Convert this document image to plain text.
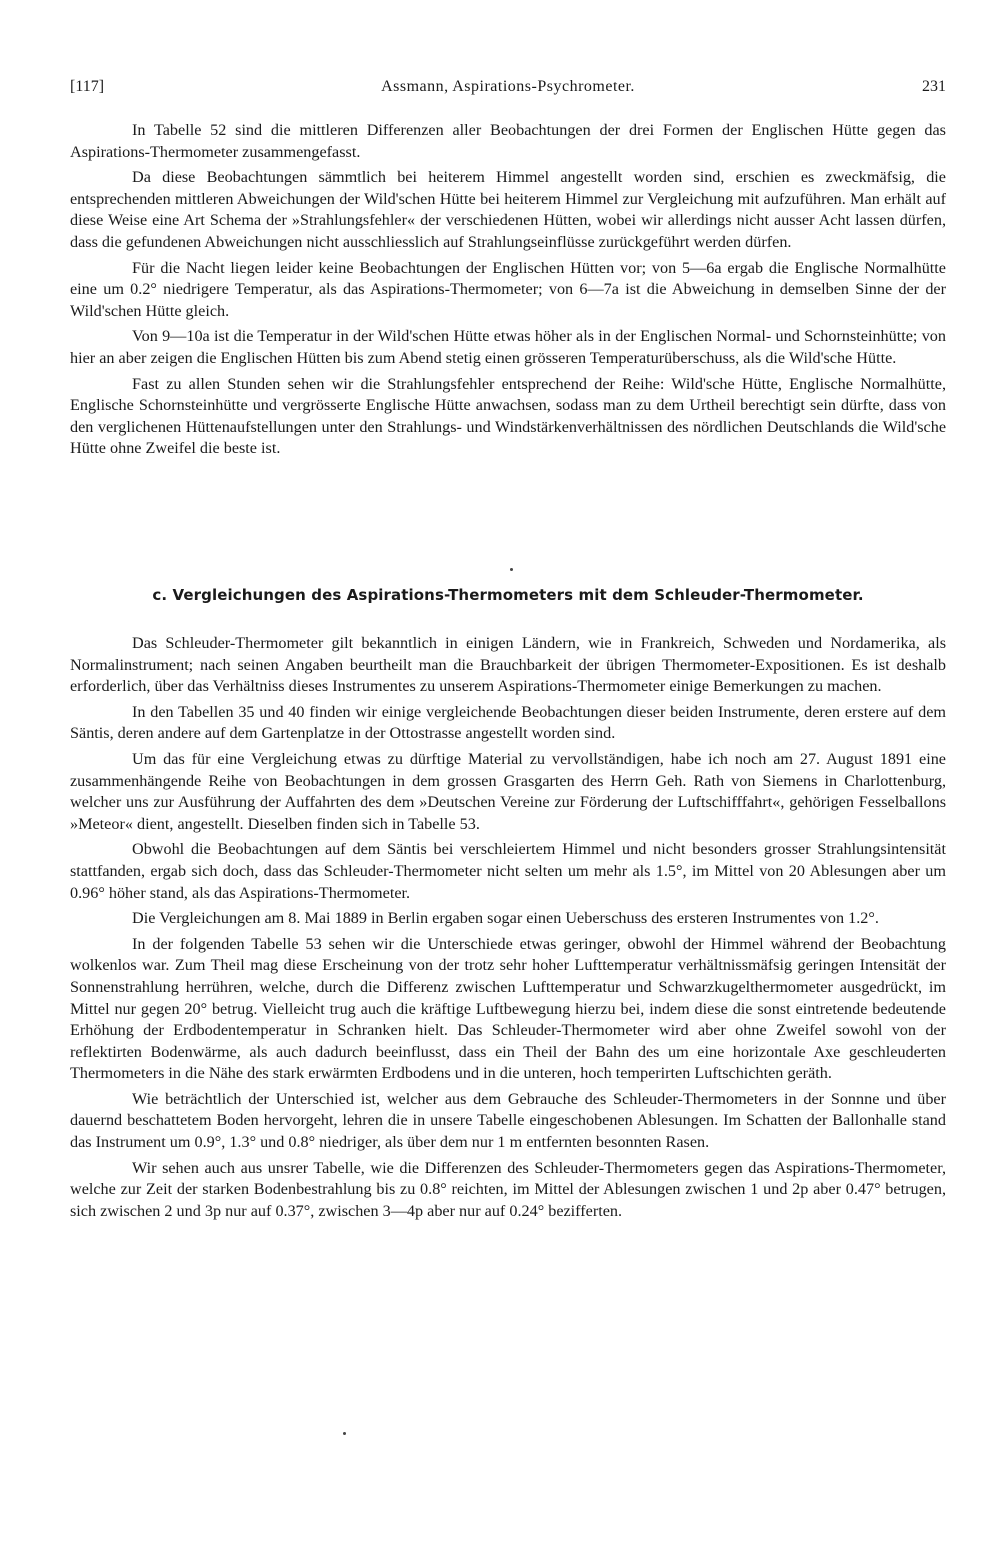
[117]	Assmann, Aspirations-Psychrometer.	231

In Tabelle 52 sind die mittleren Differenzen aller Beobachtungen der drei Formen der Englischen Hütte gegen das Aspirations-Thermometer zusammengefasst.

Da diese Beobachtungen sämmtlich bei heiterem Himmel angestellt worden sind, erschien es zweckmäfsig, die entsprechenden mittleren Abweichungen der Wild'schen Hütte bei heiterem Himmel zur Vergleichung mit aufzuführen. Man erhält auf diese Weise eine Art Schema der »Strahlungsfehler« der verschiedenen Hütten, wobei wir allerdings nicht ausser Acht lassen dürfen, dass die gefundenen Abweichungen nicht ausschliesslich auf Strahlungseinflüsse zurückgeführt werden dürfen.

Für die Nacht liegen leider keine Beobachtungen der Englischen Hütten vor; von 5—6a ergab die Englische Normalhütte eine um 0.2° niedrigere Temperatur, als das Aspirations-Thermometer; von 6—7a ist die Abweichung in demselben Sinne der der Wild'schen Hütte gleich.

Von 9—10a ist die Temperatur in der Wild'schen Hütte etwas höher als in der Englischen Normal- und Schornsteinhütte; von hier an aber zeigen die Englischen Hütten bis zum Abend stetig einen grösseren Temperaturüberschuss, als die Wild'sche Hütte.

Fast zu allen Stunden sehen wir die Strahlungsfehler entsprechend der Reihe: Wild'sche Hütte, Englische Normalhütte, Englische Schornsteinhütte und vergrösserte Englische Hütte anwachsen, sodass man zu dem Urtheil berechtigt sein dürfte, dass von den verglichenen Hüttenaufstellungen unter den Strahlungs- und Windstärkenverhältnissen des nördlichen Deutschlands die Wild'sche Hütte ohne Zweifel die beste ist.

c. Vergleichungen des Aspirations-Thermometers mit dem Schleuder-Thermometer.

Das Schleuder-Thermometer gilt bekanntlich in einigen Ländern, wie in Frankreich, Schweden und Nordamerika, als Normalinstrument; nach seinen Angaben beurtheilt man die Brauchbarkeit der übrigen Thermometer-Expositionen. Es ist deshalb erforderlich, über das Verhältniss dieses Instrumentes zu unserem Aspirations-Thermometer einige Bemerkungen zu machen.

In den Tabellen 35 und 40 finden wir einige vergleichende Beobachtungen dieser beiden Instrumente, deren erstere auf dem Säntis, deren andere auf dem Gartenplatze in der Ottostrasse angestellt worden sind.

Um das für eine Vergleichung etwas zu dürftige Material zu vervollständigen, habe ich noch am 27. August 1891 eine zusammenhängende Reihe von Beobachtungen in dem grossen Grasgarten des Herrn Geh. Rath von Siemens in Charlottenburg, welcher uns zur Ausführung der Auffahrten des dem »Deutschen Vereine zur Förderung der Luftschifffahrt«, gehörigen Fesselballons »Meteor« dient, angestellt. Dieselben finden sich in Tabelle 53.

Obwohl die Beobachtungen auf dem Säntis bei verschleiertem Himmel und nicht besonders grosser Strahlungsintensität stattfanden, ergab sich doch, dass das Schleuder-Thermometer nicht selten um mehr als 1.5°, im Mittel von 20 Ablesungen aber um 0.96° höher stand, als das Aspirations-Thermometer.

Die Vergleichungen am 8. Mai 1889 in Berlin ergaben sogar einen Ueberschuss des ersteren Instrumentes von 1.2°.

In der folgenden Tabelle 53 sehen wir die Unterschiede etwas geringer, obwohl der Himmel während der Beobachtung wolkenlos war. Zum Theil mag diese Erscheinung von der trotz sehr hoher Lufttemperatur verhältnissmäfsig geringen Intensität der Sonnenstrahlung herrühren, welche, durch die Differenz zwischen Lufttemperatur und Schwarzkugelthermometer ausgedrückt, im Mittel nur gegen 20° betrug. Vielleicht trug auch die kräftige Luftbewegung hierzu bei, indem diese die sonst eintretende bedeutende Erhöhung der Erdbodentemperatur in Schranken hielt. Das Schleuder-Thermometer wird aber ohne Zweifel sowohl von der reflektirten Bodenwärme, als auch dadurch beeinflusst, dass ein Theil der Bahn des um eine horizontale Axe geschleuderten Thermometers in die Nähe des stark erwärmten Erdbodens und in die unteren, hoch temperirten Luftschichten geräth.

Wie beträchtlich der Unterschied ist, welcher aus dem Gebrauche des Schleuder-Thermometers in der Sonnne und über dauernd beschattetem Boden hervorgeht, lehren die in unsere Tabelle eingeschobenen Ablesungen. Im Schatten der Ballonhalle stand das Instrument um 0.9°, 1.3° und 0.8° niedriger, als über dem nur 1 m entfernten besonnten Rasen.

Wir sehen auch aus unsrer Tabelle, wie die Differenzen des Schleuder-Thermometers gegen das Aspirations-Thermometer, welche zur Zeit der starken Bodenbestrahlung bis zu 0.8° reichten, im Mittel der Ablesungen zwischen 1 und 2p aber 0.47° betrugen, sich zwischen 2 und 3p nur auf 0.37°, zwischen 3—4p aber nur auf 0.24° bezifferten.
